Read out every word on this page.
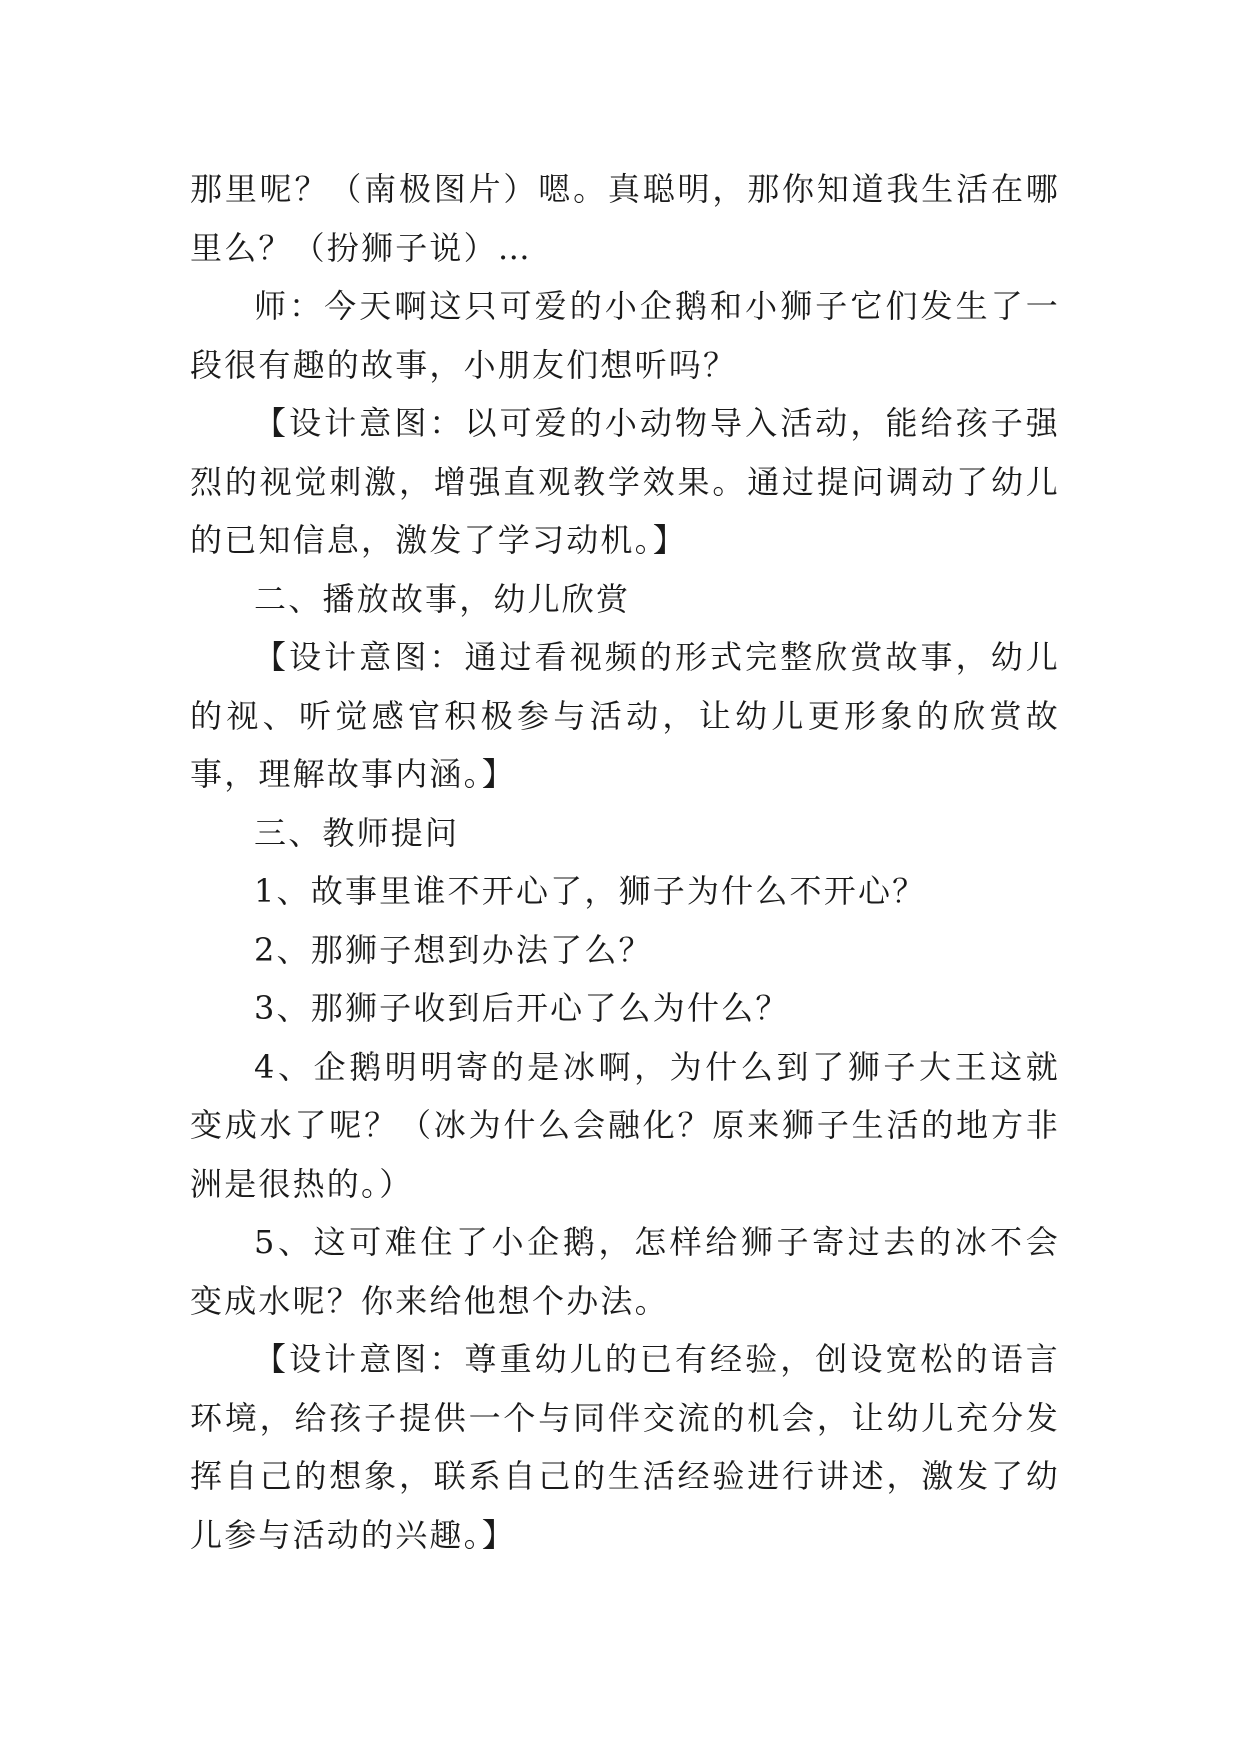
那里呢？（南极图片）嗯。真聪明，那你知道我生活在哪里么？（扮狮子说）…

师：今天啊这只可爱的小企鹅和小狮子它们发生了一段很有趣的故事，小朋友们想听吗？

【设计意图：以可爱的小动物导入活动，能给孩子强烈的视觉刺激，增强直观教学效果。通过提问调动了幼儿的已知信息，激发了学习动机。】

二、播放故事，幼儿欣赏

【设计意图：通过看视频的形式完整欣赏故事，幼儿的视、听觉感官积极参与活动，让幼儿更形象的欣赏故事，理解故事内涵。】

三、教师提问

1、故事里谁不开心了，狮子为什么不开心？

2、那狮子想到办法了么？

3、那狮子收到后开心了么为什么？

4、企鹅明明寄的是冰啊，为什么到了狮子大王这就变成水了呢？（冰为什么会融化？原来狮子生活的地方非洲是很热的。）

5、这可难住了小企鹅，怎样给狮子寄过去的冰不会变成水呢？你来给他想个办法。

【设计意图：尊重幼儿的已有经验，创设宽松的语言环境，给孩子提供一个与同伴交流的机会，让幼儿充分发挥自己的想象，联系自己的生活经验进行讲述，激发了幼儿参与活动的兴趣。】
